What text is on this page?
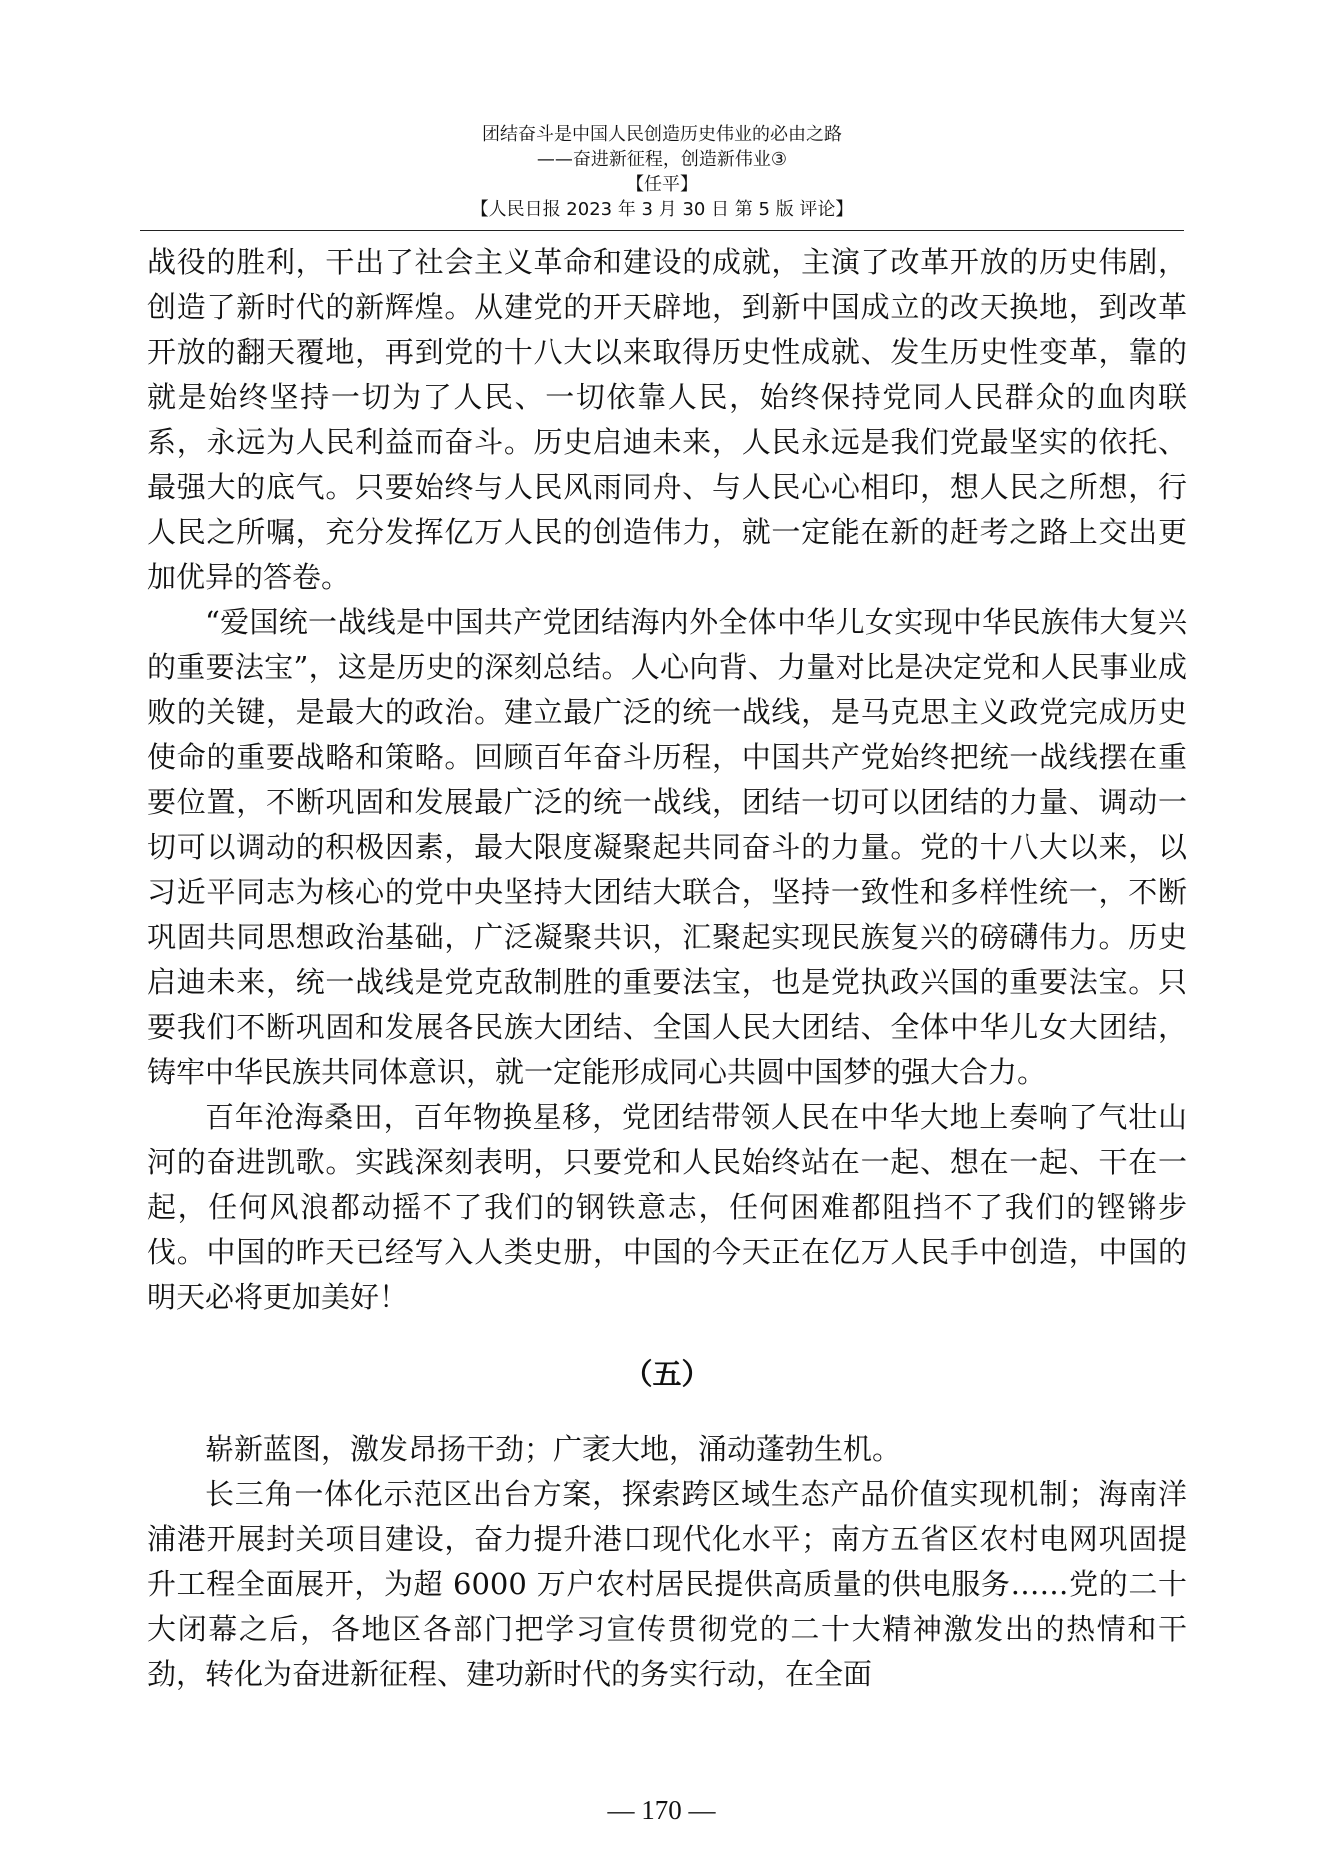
团结奋斗是中国人民创造历史伟业的必由之路
——奋进新征程，创造新伟业③
【任平】
【人民日报 2023 年 3 月 30 日 第 5 版 评论】

战役的胜利，干出了社会主义革命和建设的成就，主演了改革开放的历史伟剧，创造了新时代的新辉煌。从建党的开天辟地，到新中国成立的改天换地，到改革开放的翻天覆地，再到党的十八大以来取得历史性成就、发生历史性变革，靠的就是始终坚持一切为了人民、一切依靠人民，始终保持党同人民群众的血肉联系，永远为人民利益而奋斗。历史启迪未来，人民永远是我们党最坚实的依托、最强大的底气。只要始终与人民风雨同舟、与人民心心相印，想人民之所想，行人民之所嘱，充分发挥亿万人民的创造伟力，就一定能在新的赶考之路上交出更加优异的答卷。

“爱国统一战线是中国共产党团结海内外全体中华儿女实现中华民族伟大复兴的重要法宝”，这是历史的深刻总结。人心向背、力量对比是决定党和人民事业成败的关键，是最大的政治。建立最广泛的统一战线，是马克思主义政党完成历史使命的重要战略和策略。回顾百年奋斗历程，中国共产党始终把统一战线摆在重要位置，不断巩固和发展最广泛的统一战线，团结一切可以团结的力量、调动一切可以调动的积极因素，最大限度凝聚起共同奋斗的力量。党的十八大以来，以习近平同志为核心的党中央坚持大团结大联合，坚持一致性和多样性统一，不断巩固共同思想政治基础，广泛凝聚共识，汇聚起实现民族复兴的磅礴伟力。历史启迪未来，统一战线是党克敌制胜的重要法宝，也是党执政兴国的重要法宝。只要我们不断巩固和发展各民族大团结、全国人民大团结、全体中华儿女大团结，铸牢中华民族共同体意识，就一定能形成同心共圆中国梦的强大合力。

百年沧海桑田，百年物换星移，党团结带领人民在中华大地上奏响了气壮山河的奋进凯歌。实践深刻表明，只要党和人民始终站在一起、想在一起、干在一起，任何风浪都动摇不了我们的钢铁意志，任何困难都阻挡不了我们的铿锵步伐。中国的昨天已经写入人类史册，中国的今天正在亿万人民手中创造，中国的明天必将更加美好！

（五）

崭新蓝图，激发昂扬干劲；广袤大地，涌动蓬勃生机。

长三角一体化示范区出台方案，探索跨区域生态产品价值实现机制；海南洋浦港开展封关项目建设，奋力提升港口现代化水平；南方五省区农村电网巩固提升工程全面展开，为超 6000 万户农村居民提供高质量的供电服务……党的二十大闭幕之后，各地区各部门把学习宣传贯彻党的二十大精神激发出的热情和干劲，转化为奋进新征程、建功新时代的务实行动，在全面

— 170 —
